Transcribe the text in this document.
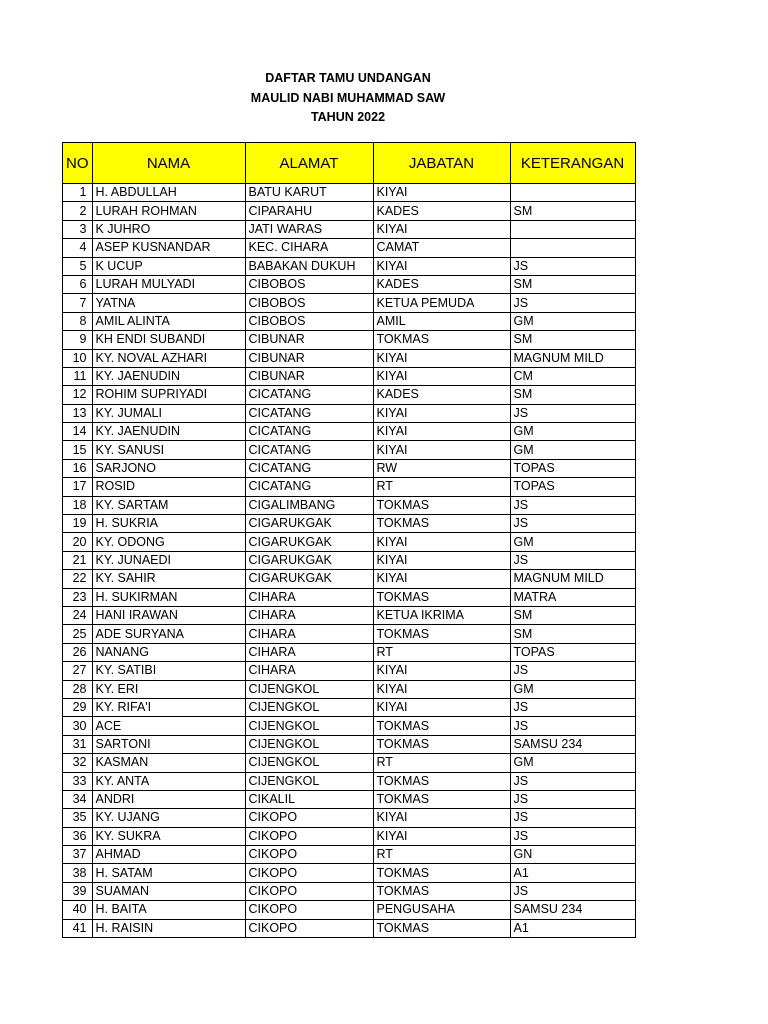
DAFTAR TAMU UNDANGAN
MAULID NABI MUHAMMAD SAW
TAHUN 2022
NO	NAMA	ALAMAT	JABATAN	KETERANGAN
1	H. ABDULLAH	BATU KARUT	KIYAI	
2	LURAH ROHMAN	CIPARAHU	KADES	SM
3	K JUHRO	JATI WARAS	KIYAI	
4	ASEP KUSNANDAR	KEC. CIHARA	CAMAT	
5	K UCUP	BABAKAN DUKUH	KIYAI	JS
6	LURAH MULYADI	CIBOBOS	KADES	SM
7	YATNA	CIBOBOS	KETUA PEMUDA	JS
8	AMIL ALINTA	CIBOBOS	AMIL	GM
9	KH ENDI SUBANDI	CIBUNAR	TOKMAS	SM
10	KY. NOVAL AZHARI	CIBUNAR	KIYAI	MAGNUM MILD
11	KY. JAENUDIN	CIBUNAR	KIYAI	CM
12	ROHIM SUPRIYADI	CICATANG	KADES	SM
13	KY. JUMALI	CICATANG	KIYAI	JS
14	KY. JAENUDIN	CICATANG	KIYAI	GM
15	KY. SANUSI	CICATANG	KIYAI	GM
16	SARJONO	CICATANG	RW	TOPAS
17	ROSID	CICATANG	RT	TOPAS
18	KY. SARTAM	CIGALIMBANG	TOKMAS	JS
19	H. SUKRIA	CIGARUKGAK	TOKMAS	JS
20	KY. ODONG	CIGARUKGAK	KIYAI	GM
21	KY. JUNAEDI	CIGARUKGAK	KIYAI	JS
22	KY. SAHIR	CIGARUKGAK	KIYAI	MAGNUM MILD
23	H. SUKIRMAN	CIHARA	TOKMAS	MATRA
24	HANI IRAWAN	CIHARA	KETUA IKRIMA	SM
25	ADE SURYANA	CIHARA	TOKMAS	SM
26	NANANG	CIHARA	RT	TOPAS
27	KY. SATIBI	CIHARA	KIYAI	JS
28	KY. ERI	CIJENGKOL	KIYAI	GM
29	KY. RIFA'I	CIJENGKOL	KIYAI	JS
30	ACE	CIJENGKOL	TOKMAS	JS
31	SARTONI	CIJENGKOL	TOKMAS	SAMSU 234
32	KASMAN	CIJENGKOL	RT	GM
33	KY. ANTA	CIJENGKOL	TOKMAS	JS
34	ANDRI	CIKALIL	TOKMAS	JS
35	KY. UJANG	CIKOPO	KIYAI	JS
36	KY. SUKRA	CIKOPO	KIYAI	JS
37	AHMAD	CIKOPO	RT	GN
38	H. SATAM	CIKOPO	TOKMAS	A1
39	SUAMAN	CIKOPO	TOKMAS	JS
40	H. BAITA	CIKOPO	PENGUSAHA	SAMSU 234
41	H. RAISIN	CIKOPO	TOKMAS	A1
